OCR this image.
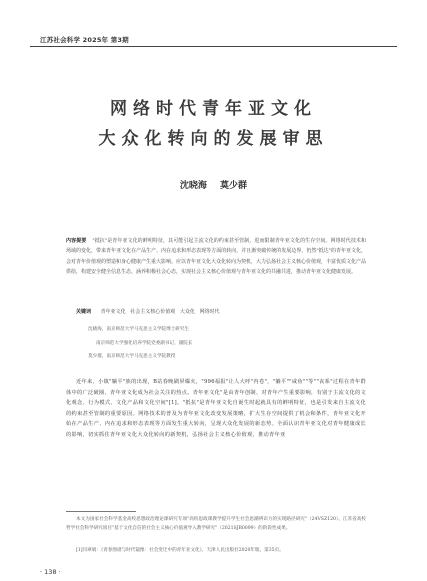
江苏社会科学 2025年 第3期
网络时代青年亚文化
大众化转向的发展审思
沈晓海 莫少群
内容提要 "抵抗"是青年亚文化的鲜明特征，其可能引起主流文化的约束甚至管制，进而限制青年亚文化的生存空间。网络时代技术和场域的变化，带来青年亚文化在产品生产、内在追求和形态表现等方面的转向，并且渐突破传统的发展边界，仍然"抵达"的青年亚文化，会对青年价值观的塑造和身心健康产生重大影响。应以青年亚文化大众化转向为契机，大力弘扬社会主义核心价值观，丰富优质文化产品供给，构建安全健全信息生态，涵养积极社会心态，实现社会主义核心价值观与青年亚文化的共融共进，推动青年亚文化健康发展。
关键词 青年亚文化 社会主义核心价值观 大众化 网络时代
沈晓海，南京师范大学马克思主义学院博士研究生
南京师范大学强化培养学院党委副书记、副院长
莫少群，南京师范大学马克思主义学院教授
近年来，小镇"躺平"族的出现，B站春晚刷屏爆火，"996福报"让人大呼"内卷"，"躺平""咸鱼""等""丧系"过程在青年群体中的广泛破圈，青年亚文化成为社会关注的热点。青年亚文化"是由青年创制、对青年产生重要影响，有别于主流文化的文化观念、行为模式、文化产品和文化空间"[1]。"抵抗"是青年亚文化自诞生时起就具有的鲜明特征，也是引发来自主流文化的约束甚至管制的重要原因。网络技术的普及为青年亚文化改变发展策略，扩大生存空间提供了机会和条件，青年亚文化开始在产品生产、内在追求和形态表现等方面发生重大转向，呈现大众化发展的新态势。全面认识青年亚文化对青年健康成长的影响，切实抓住青年亚文化大众化转向的新契机，弘扬社会主义核心价值观，推动青年亚
本文为国家社会科学基金高校思想政治理论课研究专项"高校思政课教学提升学生社会思潮辨识力的实现路径研究"（24VSZ120）、江苏省高校哲学社会科学研究项目"基于文化自信的社会主义核心价值观导入教学研究"（2021SJB0099）的阶段性成果。
[1]闫翠娟：《青春图谱与时代镜像：社会变迁中的青年亚文化》，天津人民出版社2020年版，第35页。
· 138 ·
